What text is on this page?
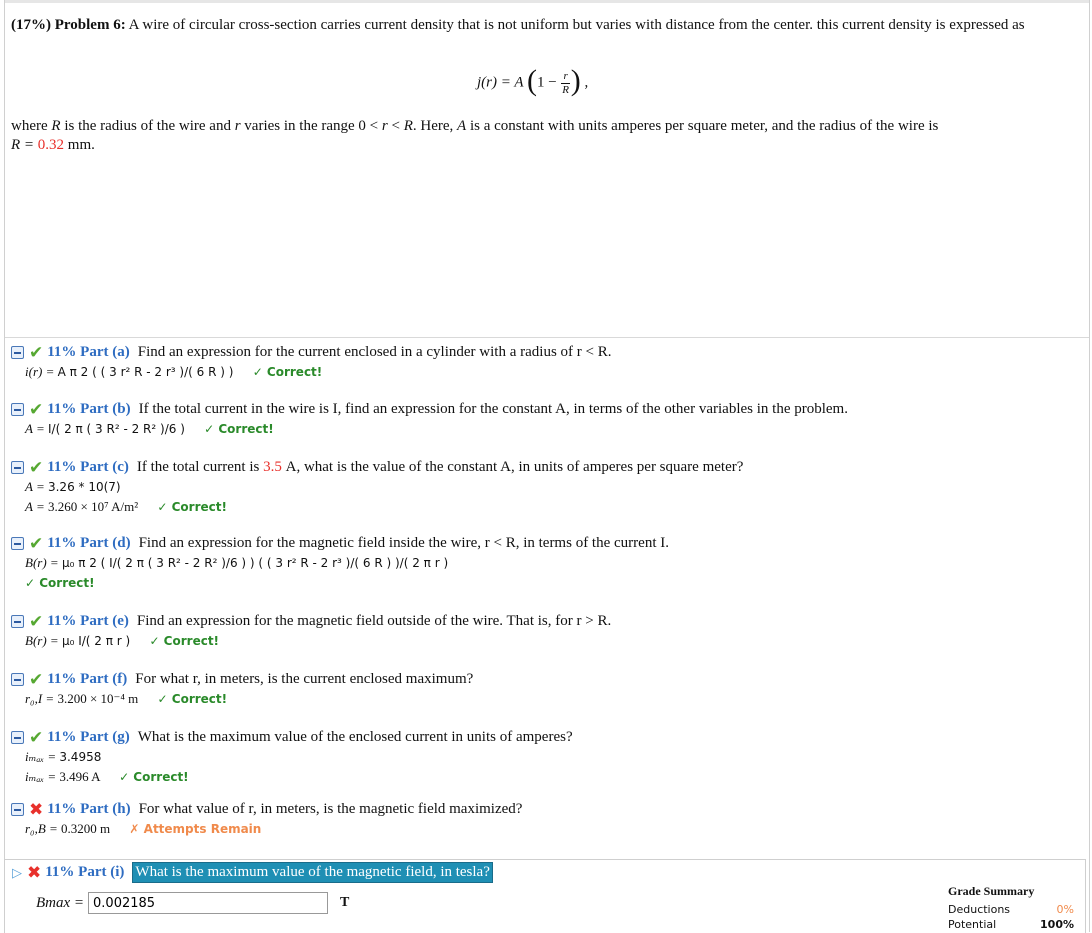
(17%) Problem 6: A wire of circular cross-section carries current density that is not uniform but varies with distance from the center. this current density is expressed as
j(r) = A ($1 - \frac{r}{R}$ ) ,
where R is the radius of the wire and r varies in the range 0 < r < R. Here, A is a constant with units amperes per square meter, and the radius of the wire is
R = 0.32 mm.
✔ 11% Part (a) Find an expression for the current enclosed in a cylinder with a radius of r < R.
i(r) = A π 2 ( ( 3 r² R - 2 r³ )/( 6 R ) ) ✓ Correct!
✔ 11% Part (b) If the total current in the wire is I, find an expression for the constant A, in terms of the other variables in the problem.
A = I/( 2 π ( 3 R² - 2 R² )/6 ) ✓ Correct!
✔ 11% Part (c) If the total current is
3.5
A, what is the value of the constant A, in units of amperes per square meter?
A = 3.26 * 10(7)
A = 3.260 × 10⁷ A/m² ✓ Correct!
✔ 11% Part (d) Find an expression for the magnetic field inside the wire, r < R, in terms of the current I.
B(r) = μ₀ π 2 ( I/( 2 π ( 3 R² - 2 R² )/6 ) ) ( ( 3 r² R - 2 r³ )/( 6 R ) )/( 2 π r )
✓ Correct!
✔ 11% Part (e) Find an expression for the magnetic field outside of the wire. That is, for r > R.
B(r) = μ₀ I/( 2 π r ) ✓ Correct!
✔ 11% Part (f) For what r, in meters, is the current enclosed maximum?
r₀,I = 3.200 × 10⁻⁴ m ✓ Correct!
✔ 11% Part (g) What is the maximum value of the enclosed current in units of amperes?
iₘₐₓ = 3.4958
iₘₐₓ = 3.496 A ✓ Correct!
✖ 11% Part (h) For what value of r, in meters, is the magnetic field maximized?
r₀,B = 0.3200 m ✗ Attempts Remain
▷ ✖ 11% Part (i) What is the maximum value of the magnetic field, in tesla?
Bmax =
0.002185	T
Grade Summary
Deductions	0%
Potential	100%
